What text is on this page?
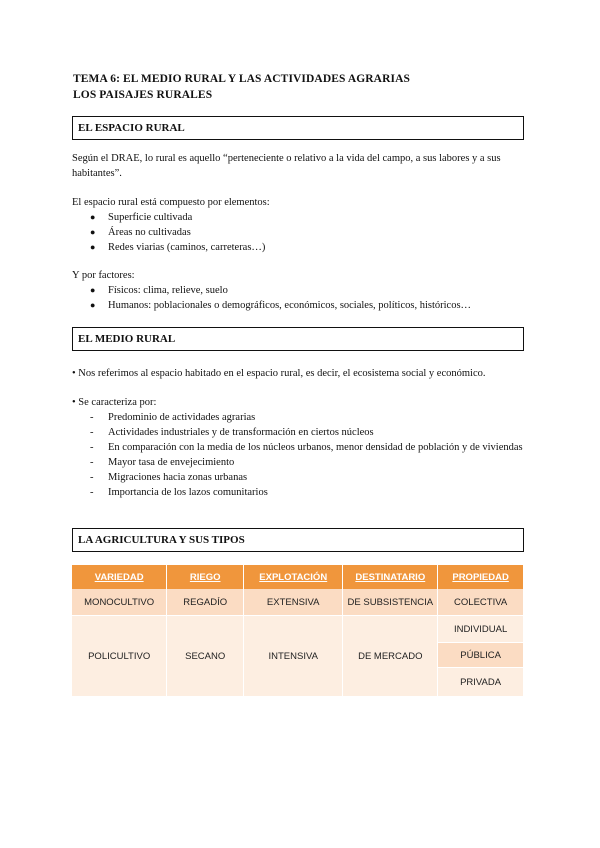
TEMA 6: EL MEDIO RURAL Y LAS ACTIVIDADES AGRARIAS
LOS PAISAJES RURALES
EL ESPACIO RURAL
Según el DRAE, lo rural es aquello “perteneciente o relativo a la vida del campo, a sus labores y a sus habitantes”.
El espacio rural está compuesto por elementos:
● Superficie cultivada
● Áreas no cultivadas
● Redes viarias (caminos, carreteras…)
Y por factores:
● Físicos: clima, relieve, suelo
● Humanos: poblacionales o demográficos, económicos, sociales, políticos, históricos…
EL MEDIO RURAL
• Nos referimos al espacio habitado en el espacio rural, es decir, el ecosistema social y económico.
• Se caracteriza por:
- Predominio de actividades agrarias
- Actividades industriales y de transformación en ciertos núcleos
- En comparación con la media de los núcleos urbanos, menor densidad de población y de viviendas
- Mayor tasa de envejecimiento
- Migraciones hacia zonas urbanas
- Importancia de los lazos comunitarios
LA AGRICULTURA Y SUS TIPOS
VARIEDAD	RIEGO	EXPLOTACIÓN	DESTINATARIO	PROPIEDAD
MONOCULTIVO	REGADÍO	EXTENSIVA	DE SUBSISTENCIA	COLECTIVA
POLICULTIVO	SECANO	INTENSIVA	DE MERCADO	INDIVIDUAL
				PÚBLICA
				PRIVADA
